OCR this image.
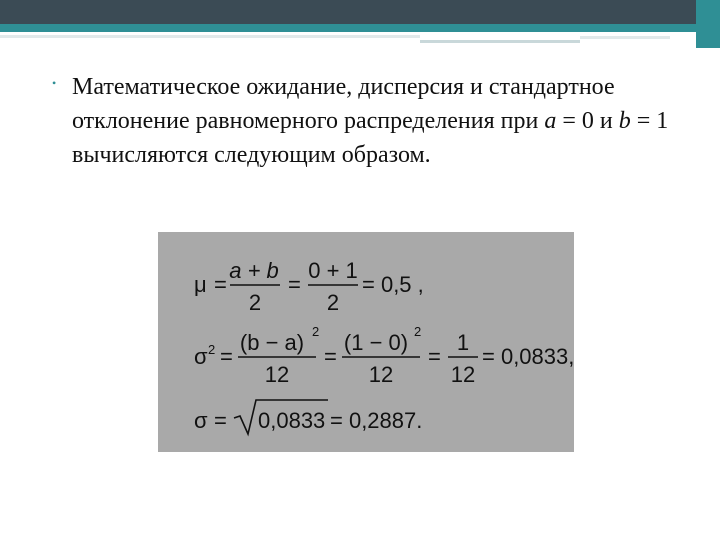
• Математическое ожидание, дисперсия и стандартное отклонение равномерного распределения при a = 0 и b = 1 вычисляются следующим образом.
μ =
a + b
2
=
0 + 1
2
= 0,5 ,
σ 2 =
(b − a) 2
12
=
(1 − 0) 2
12
=
1
12
= 0,0833,
σ = 0,0833 = 0,2887.
